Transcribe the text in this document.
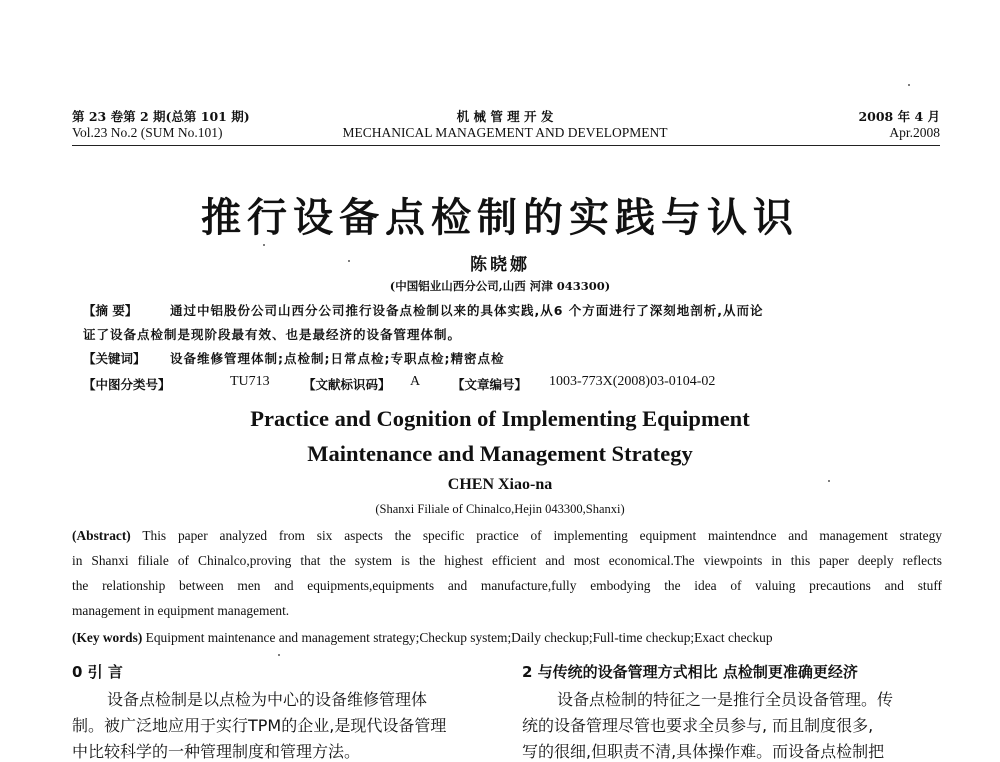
第 23 卷第 2 期(总第 101 期)
Vol.23 No.2 (SUM No.101)
机 械 管 理 开 发
MECHANICAL MANAGEMENT AND DEVELOPMENT
2008 年 4 月
Apr.2008
推行设备点检制的实践与认识
陈晓娜
(中国铝业山西分公司,山西 河津 043300)
【摘 要】	通过中铝股份公司山西分公司推行设备点检制以来的具体实践,从6 个方面进行了深刻地剖析,从而论
证了设备点检制是现阶段最有效、也是最经济的设备管理体制。
【关键词】 设备维修管理体制;点检制;日常点检;专职点检;精密点检
【中图分类号】	TU713	【文献标识码】 A	【文章编号】 1003-773X(2008)03-0104-02
Practice and Cognition of Implementing Equipment
Maintenance and Management Strategy
CHEN Xiao-na
(Shanxi Filiale of Chinalco,Hejin 043300,Shanxi)
(Abstract) This paper analyzed from six aspects the specific practice of implementing equipment maintendnce and management strategy
in Shanxi filiale of Chinalco,proving that the system is the highest efficient and most economical.The viewpoints in this paper deeply reflects
the relationship between men and equipments,equipments and manufacture,fully embodying the idea of valuing precautions and stuff
management in equipment management.
(Key words) Equipment maintenance and management strategy;Checkup system;Daily checkup;Full-time checkup;Exact checkup
0 引 言
设备点检制是以点检为中心的设备维修管理体
制。被广泛地应用于实行TPM的企业,是现代设备管理
中比较科学的一种管理制度和管理方法。
2 与传统的设备管理方式相比 点检制更准确更经济
设备点检制的特征之一是推行全员设备管理。传
统的设备管理尽管也要求全员参与, 而且制度很多,
写的很细,但职责不清,具体操作难。而设备点检制把
